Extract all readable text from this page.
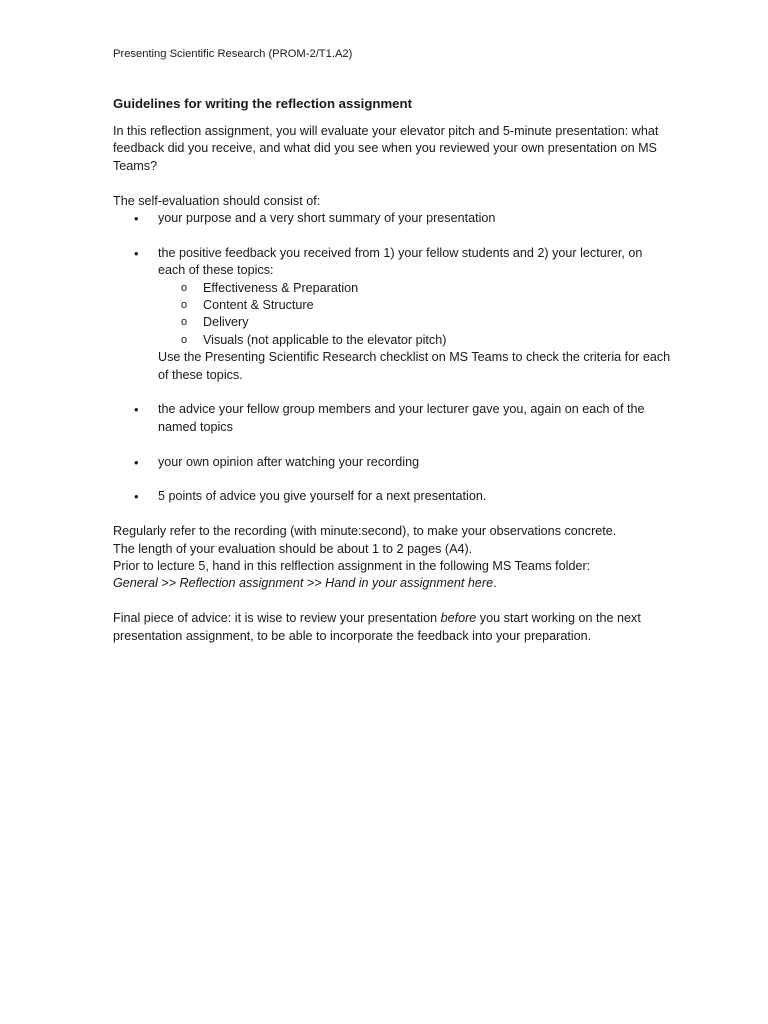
Presenting Scientific Research (PROM-2/T1.A2)
Guidelines for writing the reflection assignment

In this reflection assignment, you will evaluate your elevator pitch and 5-minute presentation: what feedback did you receive, and what did you see when you reviewed your own presentation on MS Teams?

The self-evaluation should consist of:

• your purpose and a very short summary of your presentation
• the positive feedback you received from 1) your fellow students and 2) your lecturer, on each of these topics:
o Effectiveness & Preparation
o Content & Structure
o Delivery
o Visuals (not applicable to the elevator pitch)
Use the Presenting Scientific Research checklist on MS Teams to check the criteria for each of these topics.
• the advice your fellow group members and your lecturer gave you, again on each of the named topics
• your own opinion after watching your recording
• 5 points of advice you give yourself for a next presentation.

Regularly refer to the recording (with minute:second), to make your observations concrete.

The length of your evaluation should be about 1 to 2 pages (A4).

Prior to lecture 5, hand in this relflection assignment in the following MS Teams folder:

General >> Reflection assignment >> Hand in your assignment here.

Final piece of advice: it is wise to review your presentation before you start working on the next presentation assignment, to be able to incorporate the feedback into your preparation.
